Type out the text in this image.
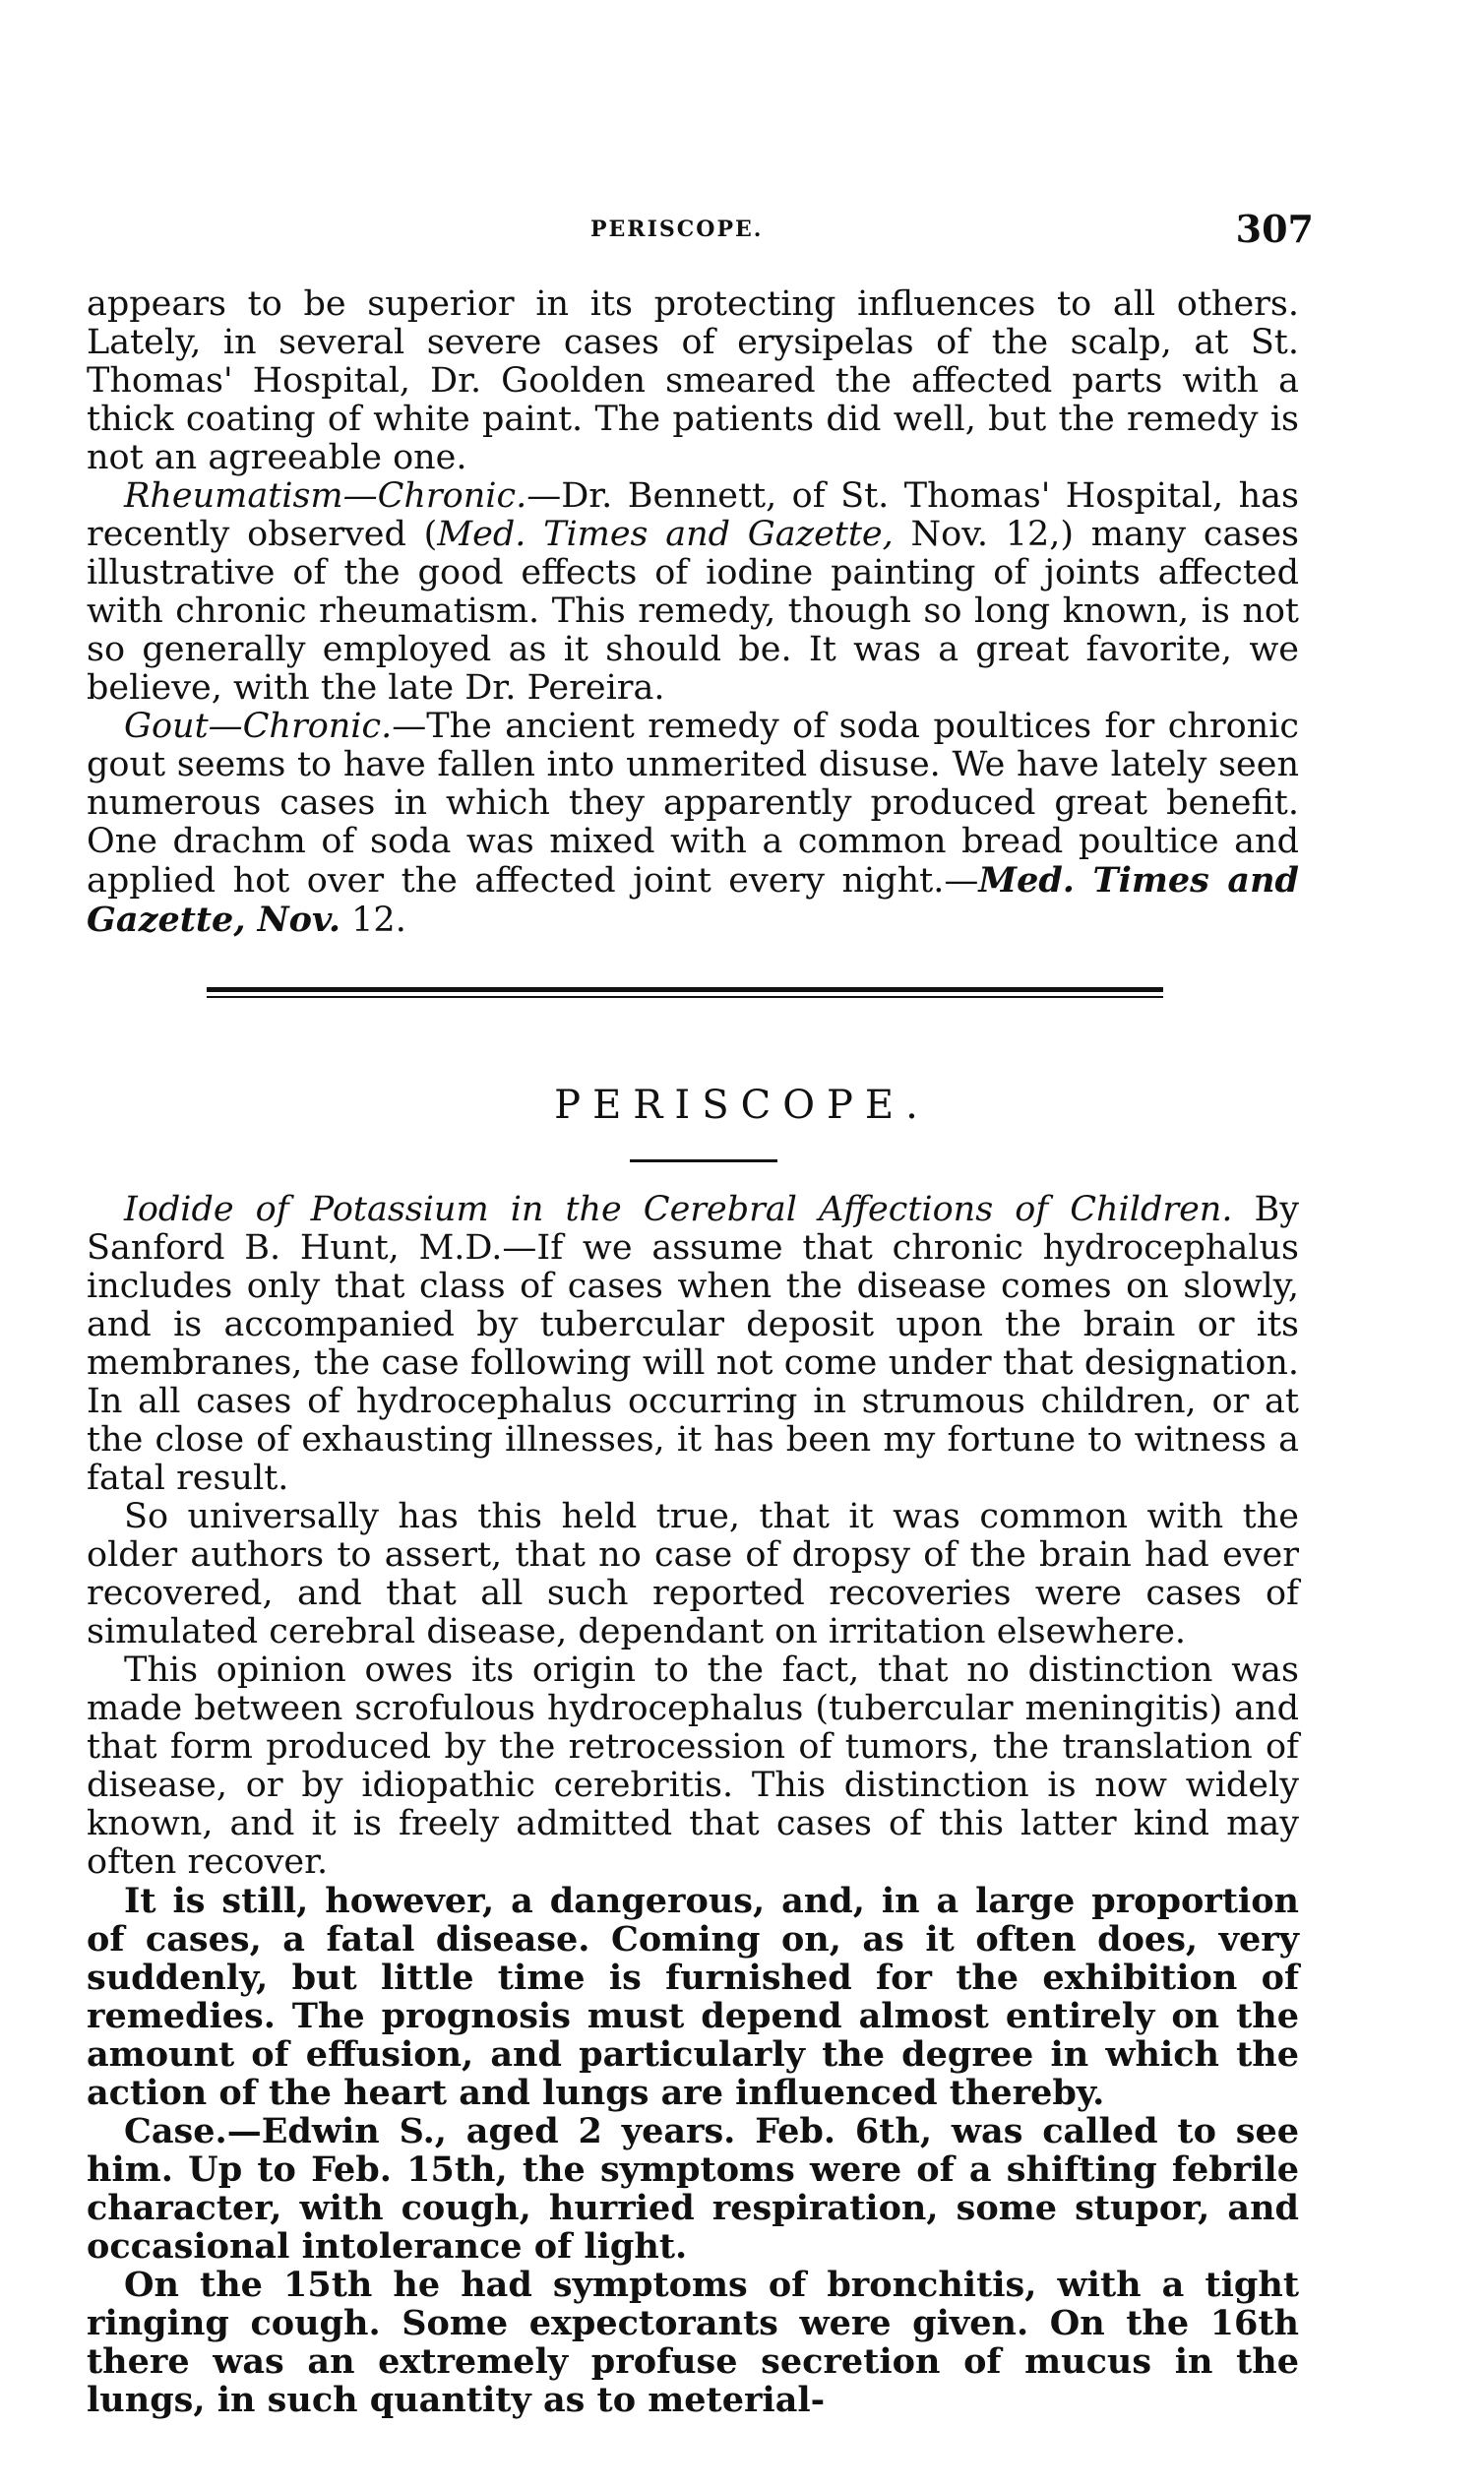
PERISCOPE.	307

appears to be superior in its protecting influences to all others. Lately, in several severe cases of erysipelas of the scalp, at St. Thomas' Hospital, Dr. Goolden smeared the affected parts with a thick coating of white paint. The patients did well, but the remedy is not an agreeable one.

Rheumatism—Chronic.—Dr. Bennett, of St. Thomas' Hospital, has recently observed (Med. Times and Gazette, Nov. 12,) many cases illustrative of the good effects of iodine painting of joints affected with chronic rheumatism. This remedy, though so long known, is not so generally employed as it should be. It was a great favorite, we believe, with the late Dr. Pereira.

Gout—Chronic.—The ancient remedy of soda poultices for chronic gout seems to have fallen into unmerited disuse. We have lately seen numerous cases in which they apparently produced great benefit. One drachm of soda was mixed with a common bread poultice and applied hot over the affected joint every night.—Med. Times and Gazette, Nov. 12.

PERISCOPE.

Iodide of Potassium in the Cerebral Affections of Children. By Sanford B. Hunt, M.D.—If we assume that chronic hydrocephalus includes only that class of cases when the disease comes on slowly, and is accompanied by tubercular deposit upon the brain or its membranes, the case following will not come under that designation. In all cases of hydrocephalus occurring in strumous children, or at the close of exhausting illnesses, it has been my fortune to witness a fatal result.

So universally has this held true, that it was common with the older authors to assert, that no case of dropsy of the brain had ever recovered, and that all such reported recoveries were cases of simulated cerebral disease, dependant on irritation elsewhere.

This opinion owes its origin to the fact, that no distinction was made between scrofulous hydrocephalus (tubercular meningitis) and that form produced by the retrocession of tumors, the translation of disease, or by idiopathic cerebritis. This distinction is now widely known, and it is freely admitted that cases of this latter kind may often recover.

It is still, however, a dangerous, and, in a large proportion of cases, a fatal disease. Coming on, as it often does, very suddenly, but little time is furnished for the exhibition of remedies. The prognosis must depend almost entirely on the amount of effusion, and particularly the degree in which the action of the heart and lungs are influenced thereby.

Case.—Edwin S., aged 2 years. Feb. 6th, was called to see him. Up to Feb. 15th, the symptoms were of a shifting febrile character, with cough, hurried respiration, some stupor, and occasional intolerance of light.

On the 15th he had symptoms of bronchitis, with a tight ringing cough. Some expectorants were given. On the 16th there was an extremely profuse secretion of mucus in the lungs, in such quantity as to meterial-
